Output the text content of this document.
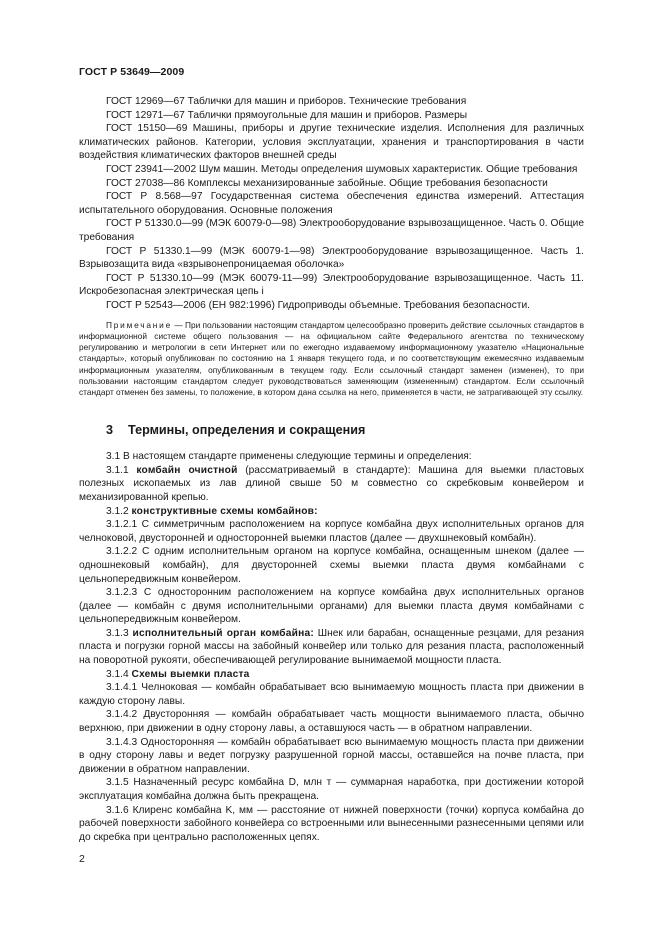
ГОСТ Р 53649—2009

ГОСТ 12969—67 Таблички для машин и приборов. Технические требования

ГОСТ 12971—67 Таблички прямоугольные для машин и приборов. Размеры

ГОСТ 15150—69 Машины, приборы и другие технические изделия. Исполнения для различных климатических районов. Категории, условия эксплуатации, хранения и транспортирования в части воздействия климатических факторов внешней среды

ГОСТ 23941—2002 Шум машин. Методы определения шумовых характеристик. Общие требования

ГОСТ 27038—86 Комплексы механизированные забойные. Общие требования безопасности

ГОСТ Р 8.568—97 Государственная система обеспечения единства измерений. Аттестация испытательного оборудования. Основные положения

ГОСТ Р 51330.0—99 (МЭК 60079-0—98) Электрооборудование взрывозащищенное. Часть 0. Общие требования

ГОСТ Р 51330.1—99 (МЭК 60079-1—98) Электрооборудование взрывозащищенное. Часть 1. Взрывозащита вида «взрывонепроницаемая оболочка»

ГОСТ Р 51330.10—99 (МЭК 60079-11—99) Электрооборудование взрывозащищенное. Часть 11. Искробезопасная электрическая цепь i

ГОСТ Р 52543—2006 (ЕН 982:1996) Гидроприводы объемные. Требования безопасности.

Примечание — При пользовании настоящим стандартом целесообразно проверить действие ссылочных стандартов в информационной системе общего пользования — на официальном сайте Федерального агентства по техническому регулированию и метрологии в сети Интернет или по ежегодно издаваемому информационному указателю «Национальные стандарты», который опубликован по состоянию на 1 января текущего года, и по соответствующим ежемесячно издаваемым информационным указателям, опубликованным в текущем году. Если ссылочный стандарт заменен (изменен), то при пользовании настоящим стандартом следует руководствоваться заменяющим (измененным) стандартом. Если ссылочный стандарт отменен без замены, то положение, в котором дана ссылка на него, применяется в части, не затрагивающей эту ссылку.

3 Термины, определения и сокращения

3.1 В настоящем стандарте применены следующие термины и определения:

3.1.1 комбайн очистной (рассматриваемый в стандарте): Машина для выемки пластовых полезных ископаемых из лав длиной свыше 50 м совместно со скребковым конвейером и механизированной крепью.

3.1.2 конструктивные схемы комбайнов:

3.1.2.1 С симметричным расположением на корпусе комбайна двух исполнительных органов для челноковой, двусторонней и односторонней выемки пластов (далее — двухшнековый комбайн).

3.1.2.2 С одним исполнительным органом на корпусе комбайна, оснащенным шнеком (далее — одношнековый комбайн), для двусторонней схемы выемки пласта двумя комбайнами с цельнопередвижным конвейером.

3.1.2.3 С односторонним расположением на корпусе комбайна двух исполнительных органов (далее — комбайн с двумя исполнительными органами) для выемки пласта двумя комбайнами с цельнопередвижным конвейером.

3.1.3 исполнительный орган комбайна: Шнек или барабан, оснащенные резцами, для резания пласта и погрузки горной массы на забойный конвейер или только для резания пласта, расположенный на поворотной рукояти, обеспечивающей регулирование вынимаемой мощности пласта.

3.1.4 Схемы выемки пласта

3.1.4.1 Челноковая — комбайн обрабатывает всю вынимаемую мощность пласта при движении в каждую сторону лавы.

3.1.4.2 Двусторонняя — комбайн обрабатывает часть мощности вынимаемого пласта, обычно верхнюю, при движении в одну сторону лавы, а оставшуюся часть — в обратном направлении.

3.1.4.3 Односторонняя — комбайн обрабатывает всю вынимаемую мощность пласта при движении в одну сторону лавы и ведет погрузку разрушенной горной массы, оставшейся на почве пласта, при движении в обратном направлении.

3.1.5 Назначенный ресурс комбайна D, млн т — суммарная наработка, при достижении которой эксплуатация комбайна должна быть прекращена.

3.1.6 Клиренс комбайна K, мм — расстояние от нижней поверхности (точки) корпуса комбайна до рабочей поверхности забойного конвейера со встроенными или вынесенными разнесенными цепями или до скребка при центрально расположенных цепях.

2
